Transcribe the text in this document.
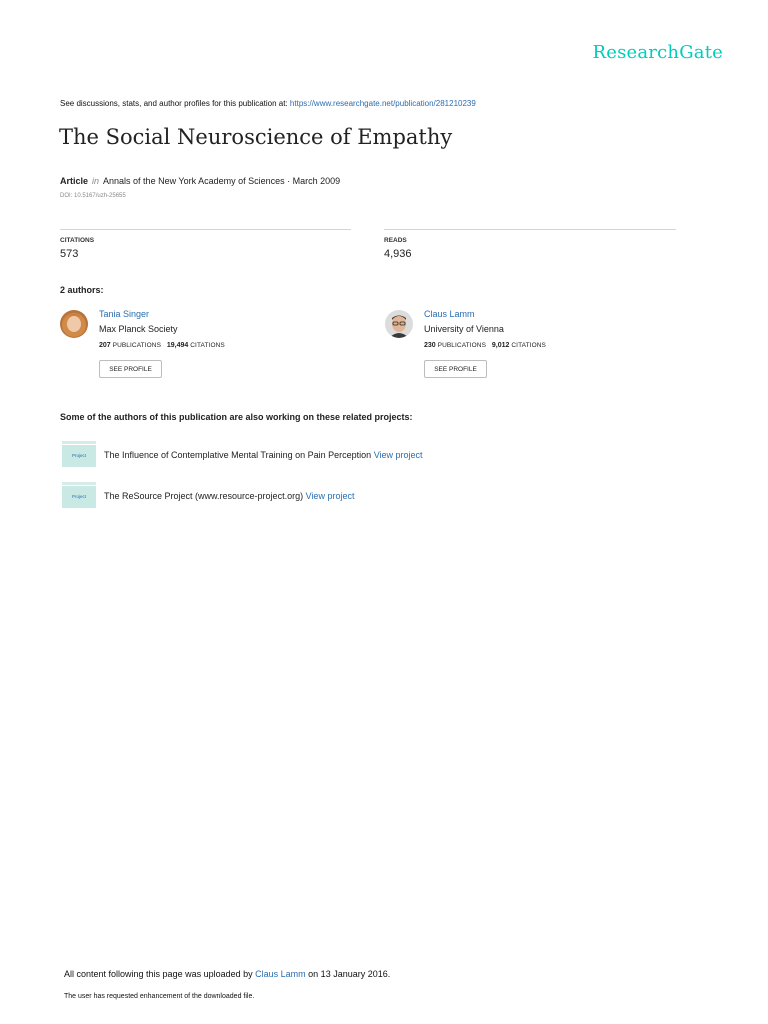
ResearchGate
See discussions, stats, and author profiles for this publication at: https://www.researchgate.net/publication/281210239
The Social Neuroscience of Empathy
Article in Annals of the New York Academy of Sciences · March 2009
DOI: 10.5167/uzh-25655
CITATIONS
573
READS
4,936
2 authors:
Tania Singer
Max Planck Society
207 PUBLICATIONS 19,494 CITATIONS
SEE PROFILE
Claus Lamm
University of Vienna
230 PUBLICATIONS 9,012 CITATIONS
SEE PROFILE
Some of the authors of this publication are also working on these related projects:
Project	The Influence of Contemplative Mental Training on Pain Perception View project
Project	The ReSource Project (www.resource-project.org) View project
All content following this page was uploaded by Claus Lamm on 13 January 2016.
The user has requested enhancement of the downloaded file.
